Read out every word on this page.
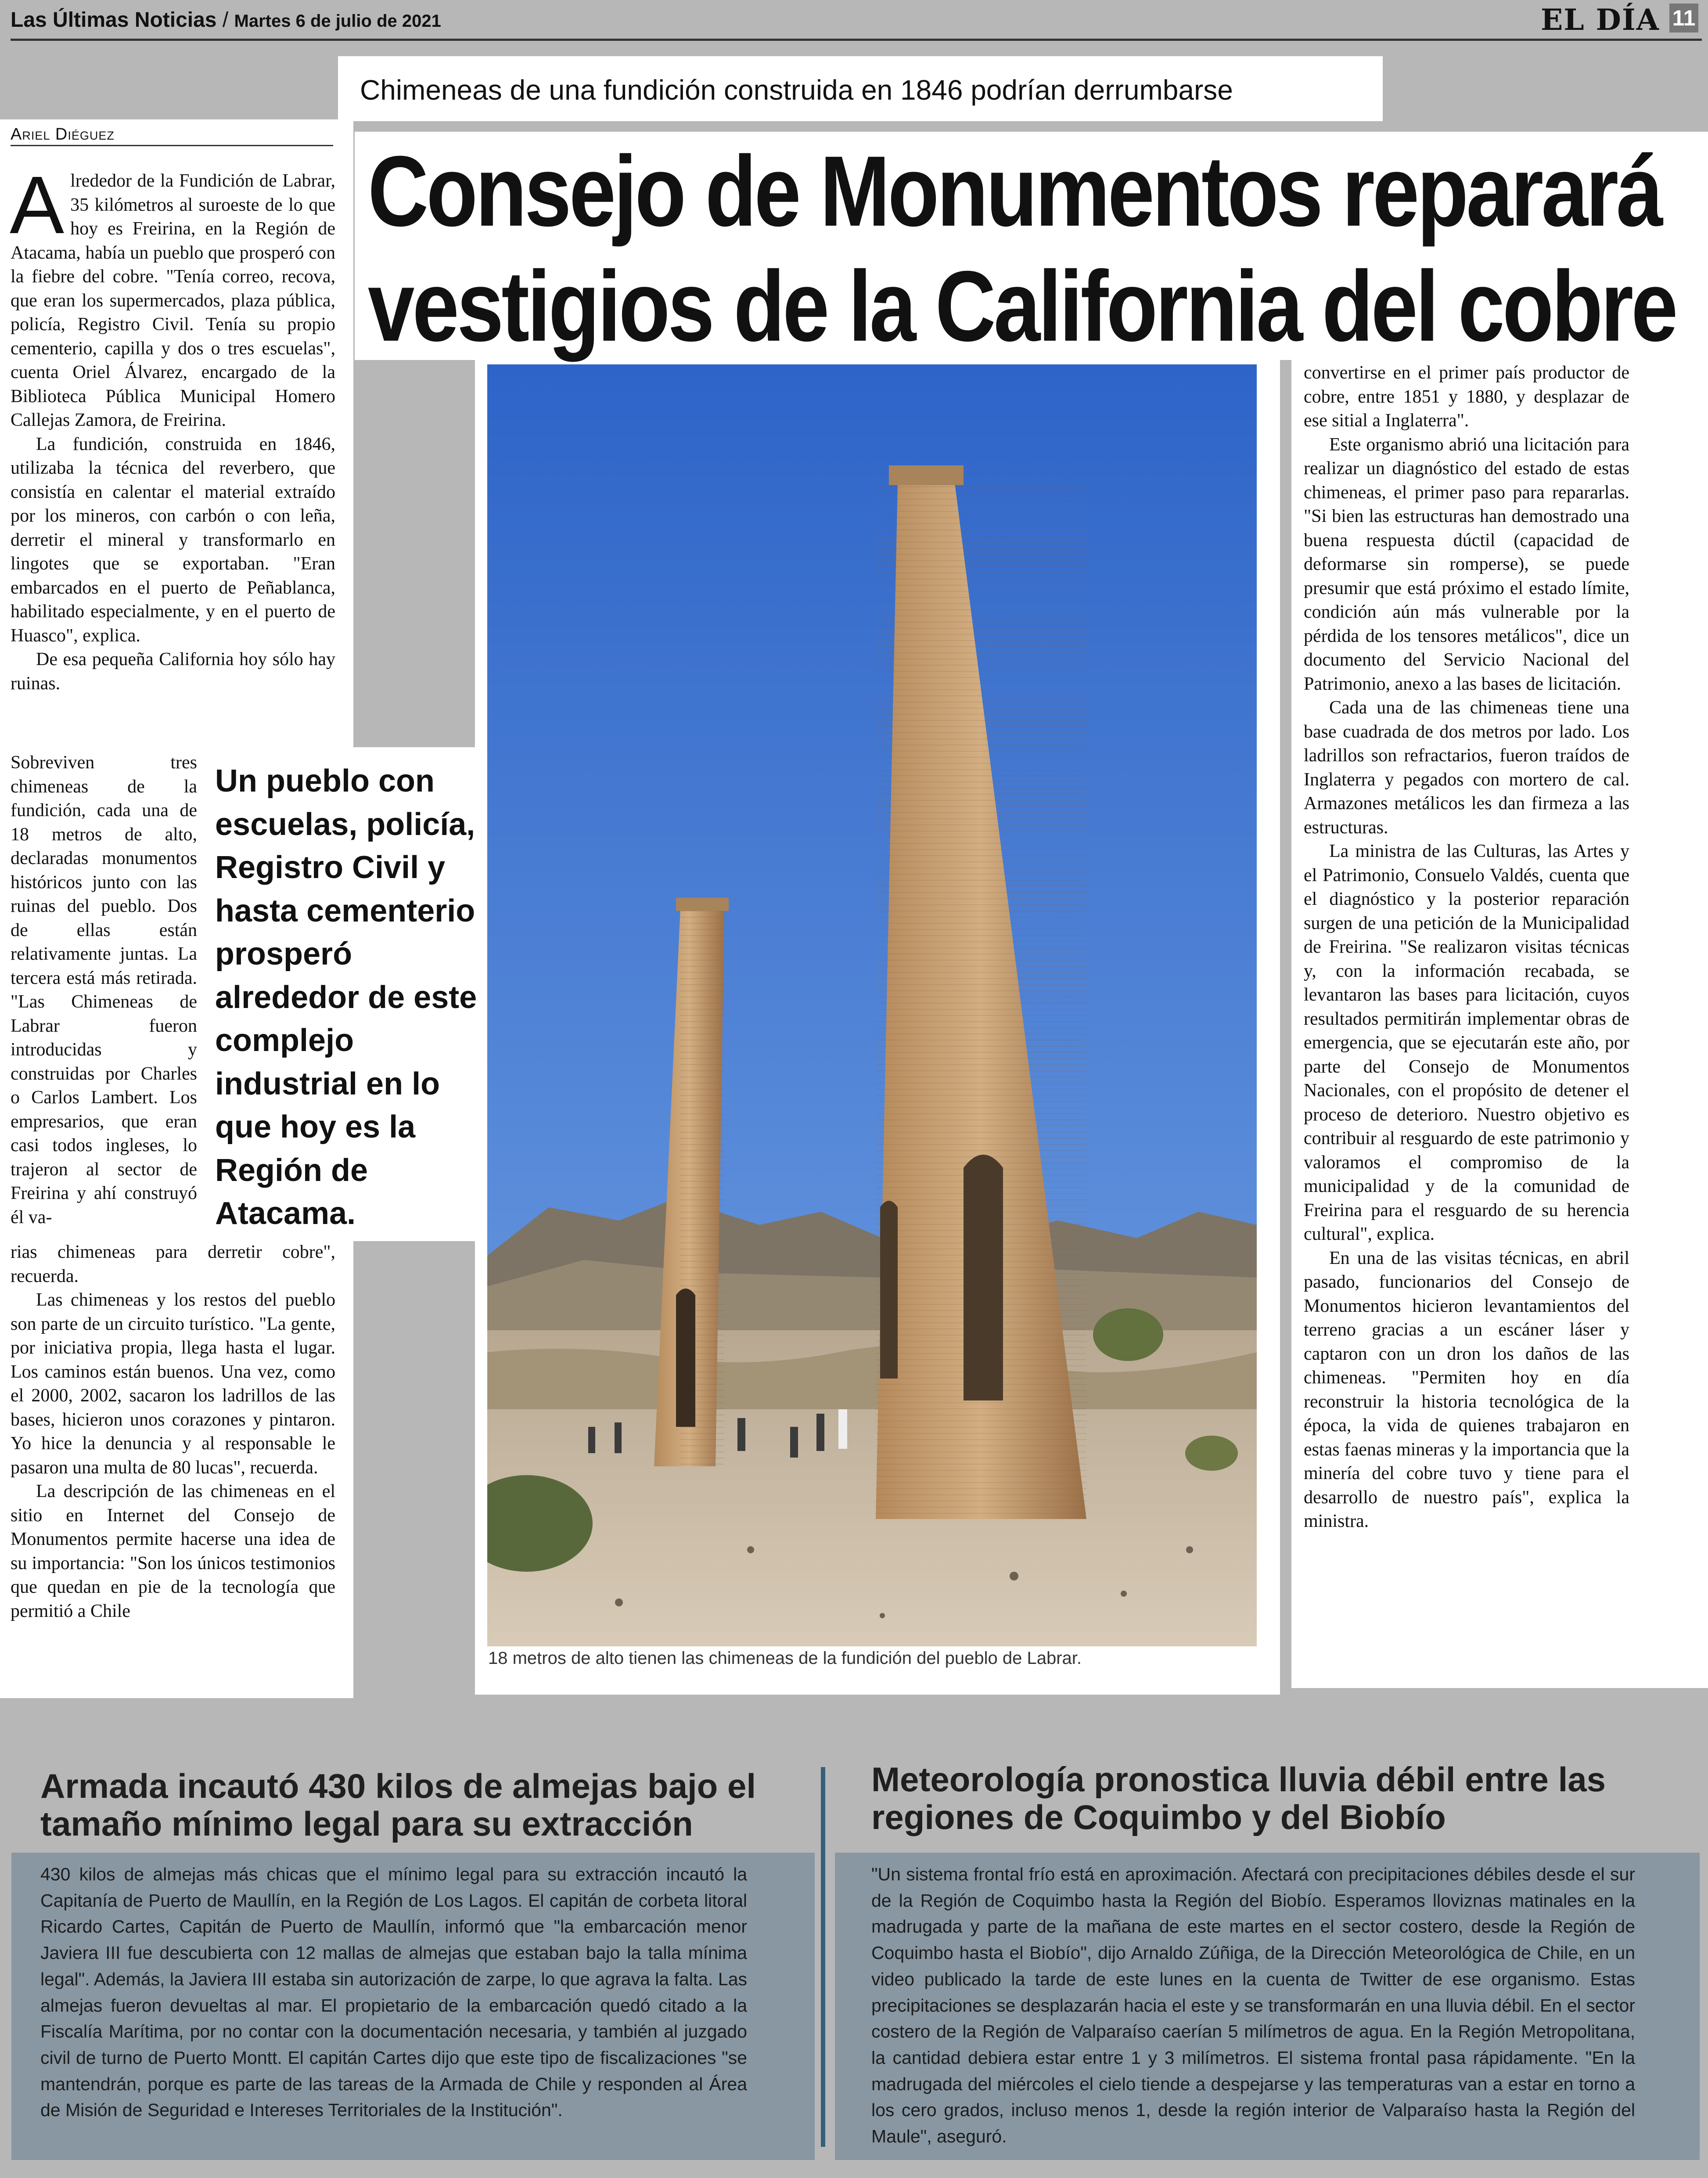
Las Últimas Noticias / Martes 6 de julio de 2021	EL DÍA 11
Chimeneas de una fundición construida en 1846 podrían derrumbarse
Ariel Diéguez
Consejo de Monumentos reparará
vestigios de la California del cobre

Alrededor de la Fundición de Labrar, 35 kilómetros al suroeste de lo que hoy es Freirina, en la Región de Atacama, había un pueblo que prosperó con la fiebre del cobre. "Tenía correo, recova, que eran los supermercados, plaza pública, policía, Registro Civil. Tenía su propio cementerio, capilla y dos o tres escuelas", cuenta Oriel Álvarez, encargado de la Biblioteca Pública Municipal Homero Callejas Zamora, de Freirina.

La fundición, construida en 1846, utilizaba la técnica del reverbero, que consistía en calentar el material extraído por los mineros, con carbón o con leña, derretir el mineral y transformarlo en lingotes que se exportaban. "Eran embarcados en el puerto de Peñablanca, habilitado especialmente, y en el puerto de Huasco", explica.

De esa pequeña California hoy sólo hay ruinas.

Sobreviven tres chimeneas de la fundición, cada una de 18 metros de alto, declaradas monumentos históricos junto con las ruinas del pueblo. Dos de ellas están relativamente juntas. La tercera está más retirada. "Las Chimeneas de Labrar fueron introducidas y construidas por Charles o Carlos Lambert. Los empresarios, que eran casi todos ingleses, lo trajeron al sector de Freirina y ahí construyó él va-

rias chimeneas para derretir cobre", recuerda.

Las chimeneas y los restos del pueblo son parte de un circuito turístico. "La gente, por iniciativa propia, llega hasta el lugar. Los caminos están buenos. Una vez, como el 2000, 2002, sacaron los ladrillos de las bases, hicieron unos corazones y pintaron. Yo hice la denuncia y al responsable le pasaron una multa de 80 lucas", recuerda.

La descripción de las chimeneas en el sitio en Internet del Consejo de Monumentos permite hacerse una idea de su importancia: "Son los únicos testimonios que quedan en pie de la tecnología que permitió a Chile

Un pueblo con escuelas, policía, Registro Civil y hasta cementerio prosperó alrededor de este complejo industrial en lo que hoy es la Región de Atacama.
18 metros de alto tienen las chimeneas de la fundición del pueblo de Labrar.

convertirse en el primer país productor de cobre, entre 1851 y 1880, y desplazar de ese sitial a Inglaterra".

Este organismo abrió una licitación para realizar un diagnóstico del estado de estas chimeneas, el primer paso para repararlas. "Si bien las estructuras han demostrado una buena respuesta dúctil (capacidad de deformarse sin romperse), se puede presumir que está próximo el estado límite, condición aún más vulnerable por la pérdida de los tensores metálicos", dice un documento del Servicio Nacional del Patrimonio, anexo a las bases de licitación.

Cada una de las chimeneas tiene una base cuadrada de dos metros por lado. Los ladrillos son refractarios, fueron traídos de Inglaterra y pegados con mortero de cal. Armazones metálicos les dan firmeza a las estructuras.

La ministra de las Culturas, las Artes y el Patrimonio, Consuelo Valdés, cuenta que el diagnóstico y la posterior reparación surgen de una petición de la Municipalidad de Freirina. "Se realizaron visitas técnicas y, con la información recabada, se levantaron las bases para licitación, cuyos resultados permitirán implementar obras de emergencia, que se ejecutarán este año, por parte del Consejo de Monumentos Nacionales, con el propósito de detener el proceso de deterioro. Nuestro objetivo es contribuir al resguardo de este patrimonio y valoramos el compromiso de la municipalidad y de la comunidad de Freirina para el resguardo de su herencia cultural", explica.

En una de las visitas técnicas, en abril pasado, funcionarios del Consejo de Monumentos hicieron levantamientos del terreno gracias a un escáner láser y captaron con un dron los daños de las chimeneas. "Permiten hoy en día reconstruir la historia tecnológica de la época, la vida de quienes trabajaron en estas faenas mineras y la importancia que la minería del cobre tuvo y tiene para el desarrollo de nuestro país", explica la ministra.

Armada incautó 430 kilos de almejas bajo el tamaño mínimo legal para su extracción
430 kilos de almejas más chicas que el mínimo legal para su extracción incautó la Capitanía de Puerto de Maullín, en la Región de Los Lagos. El capitán de corbeta litoral Ricardo Cartes, Capitán de Puerto de Maullín, informó que "la embarcación menor Javiera III fue descubierta con 12 mallas de almejas que estaban bajo la talla mínima legal". Además, la Javiera III estaba sin autorización de zarpe, lo que agrava la falta. Las almejas fueron devueltas al mar. El propietario de la embarcación quedó citado a la Fiscalía Marítima, por no contar con la documentación necesaria, y también al juzgado civil de turno de Puerto Montt. El capitán Cartes dijo que este tipo de fiscalizaciones "se mantendrán, porque es parte de las tareas de la Armada de Chile y responden al Área de Misión de Seguridad e Intereses Territoriales de la Institución".
Meteorología pronostica lluvia débil entre las regiones de Coquimbo y del Biobío
"Un sistema frontal frío está en aproximación. Afectará con precipitaciones débiles desde el sur de la Región de Coquimbo hasta la Región del Biobío. Esperamos lloviznas matinales en la madrugada y parte de la mañana de este martes en el sector costero, desde la Región de Coquimbo hasta el Biobío", dijo Arnaldo Zúñiga, de la Dirección Meteorológica de Chile, en un video publicado la tarde de este lunes en la cuenta de Twitter de ese organismo. Estas precipitaciones se desplazarán hacia el este y se transformarán en una lluvia débil. En el sector costero de la Región de Valparaíso caerían 5 milímetros de agua. En la Región Metropolitana, la cantidad debiera estar entre 1 y 3 milímetros. El sistema frontal pasa rápidamente. "En la madrugada del miércoles el cielo tiende a despejarse y las temperaturas van a estar en torno a los cero grados, incluso menos 1, desde la región interior de Valparaíso hasta la Región del Maule", aseguró.
